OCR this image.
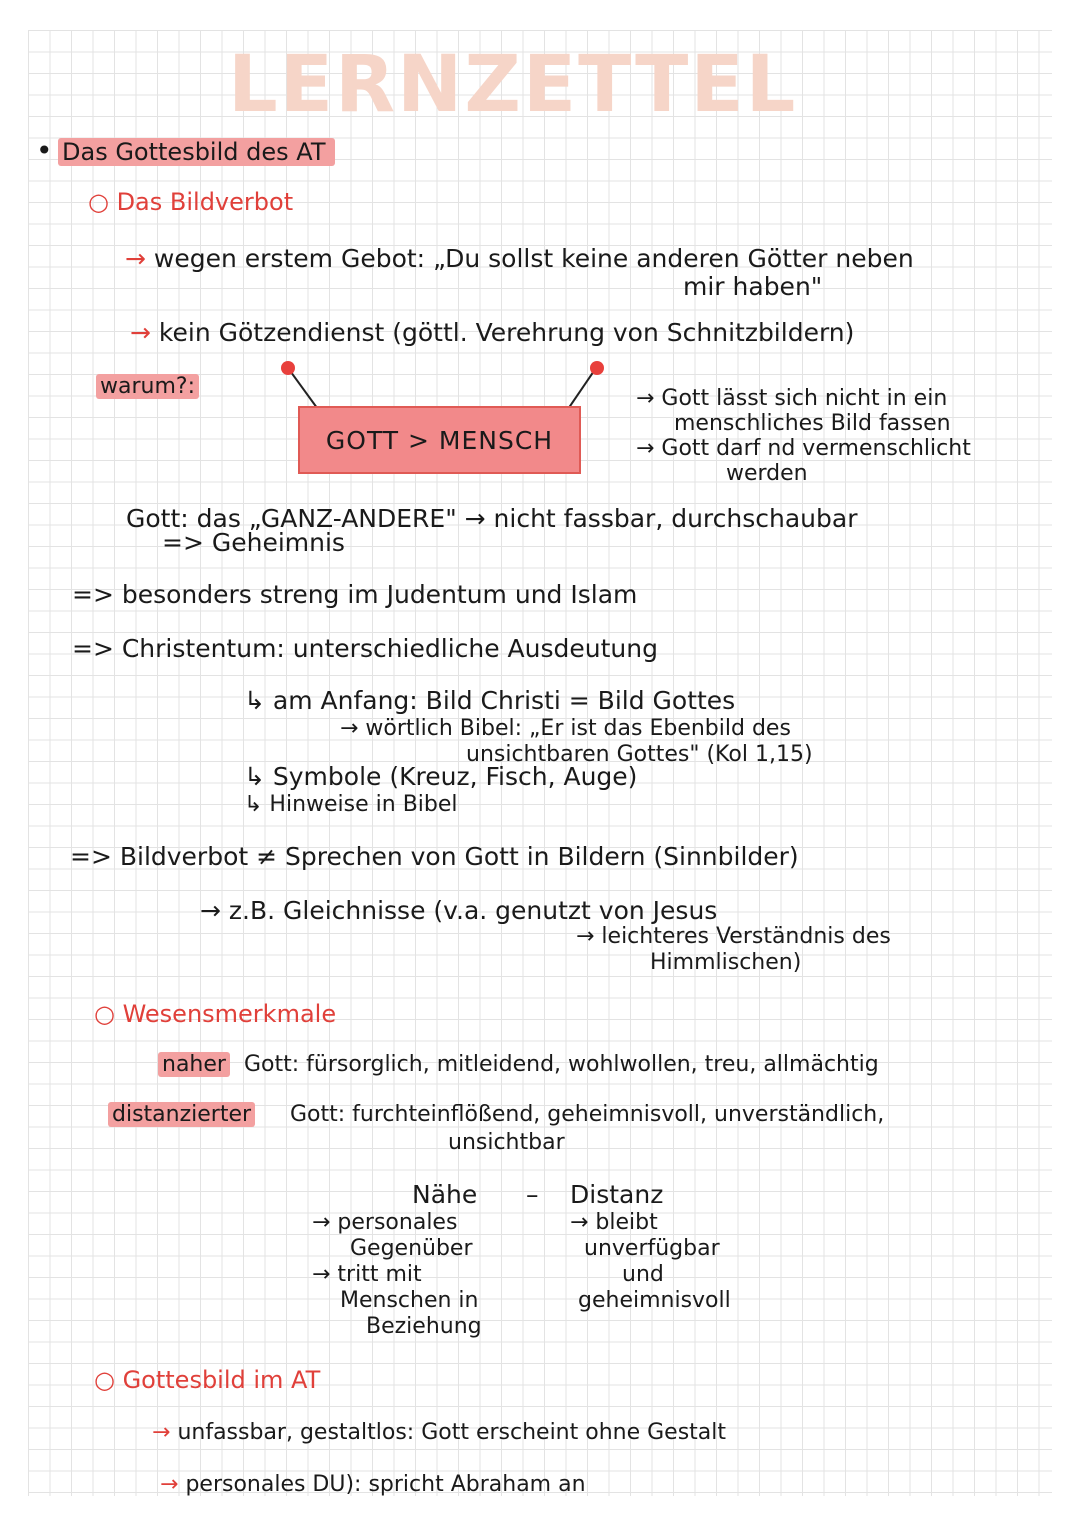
LERNZETTEL
• Das Gottesbild des AT
○ Das Bildverbot
→ wegen erstem Gebot: „Du sollst keine anderen Götter neben
mir haben"
→ kein Götzendienst (göttl. Verehrung von Schnitzbildern)
warum?:
GOTT > MENSCH
→ Gott lässt sich nicht in ein
menschliches Bild fassen
→ Gott darf nd vermenschlicht
werden
Gott: das „GANZ-ANDERE" → nicht fassbar, durchschaubar
=> Geheimnis
=> besonders streng im Judentum und Islam
=> Christentum: unterschiedliche Ausdeutung
↳ am Anfang: Bild Christi = Bild Gottes
→ wörtlich Bibel: „Er ist das Ebenbild des
unsichtbaren Gottes" (Kol 1,15)
↳ Symbole (Kreuz, Fisch, Auge)
↳ Hinweise in Bibel
=> Bildverbot ≠ Sprechen von Gott in Bildern (Sinnbilder)
→ z.B. Gleichnisse (v.a. genutzt von Jesus
→ leichteres Verständnis des
Himmlischen)
○ Wesensmerkmale
naher Gott: fürsorglich, mitleidend, wohlwollen, treu, allmächtig
distanzierter Gott: furchteinflößend, geheimnisvoll, unverständlich,
unsichtbar
Nähe – Distanz
→ personales
Gegenüber
→ tritt mit
Menschen in
Beziehung
→ bleibt
unverfügbar
und
geheimnisvoll
○ Gottesbild im AT
→ unfassbar, gestaltlos: Gott erscheint ohne Gestalt
→ personales DU): spricht Abraham an
